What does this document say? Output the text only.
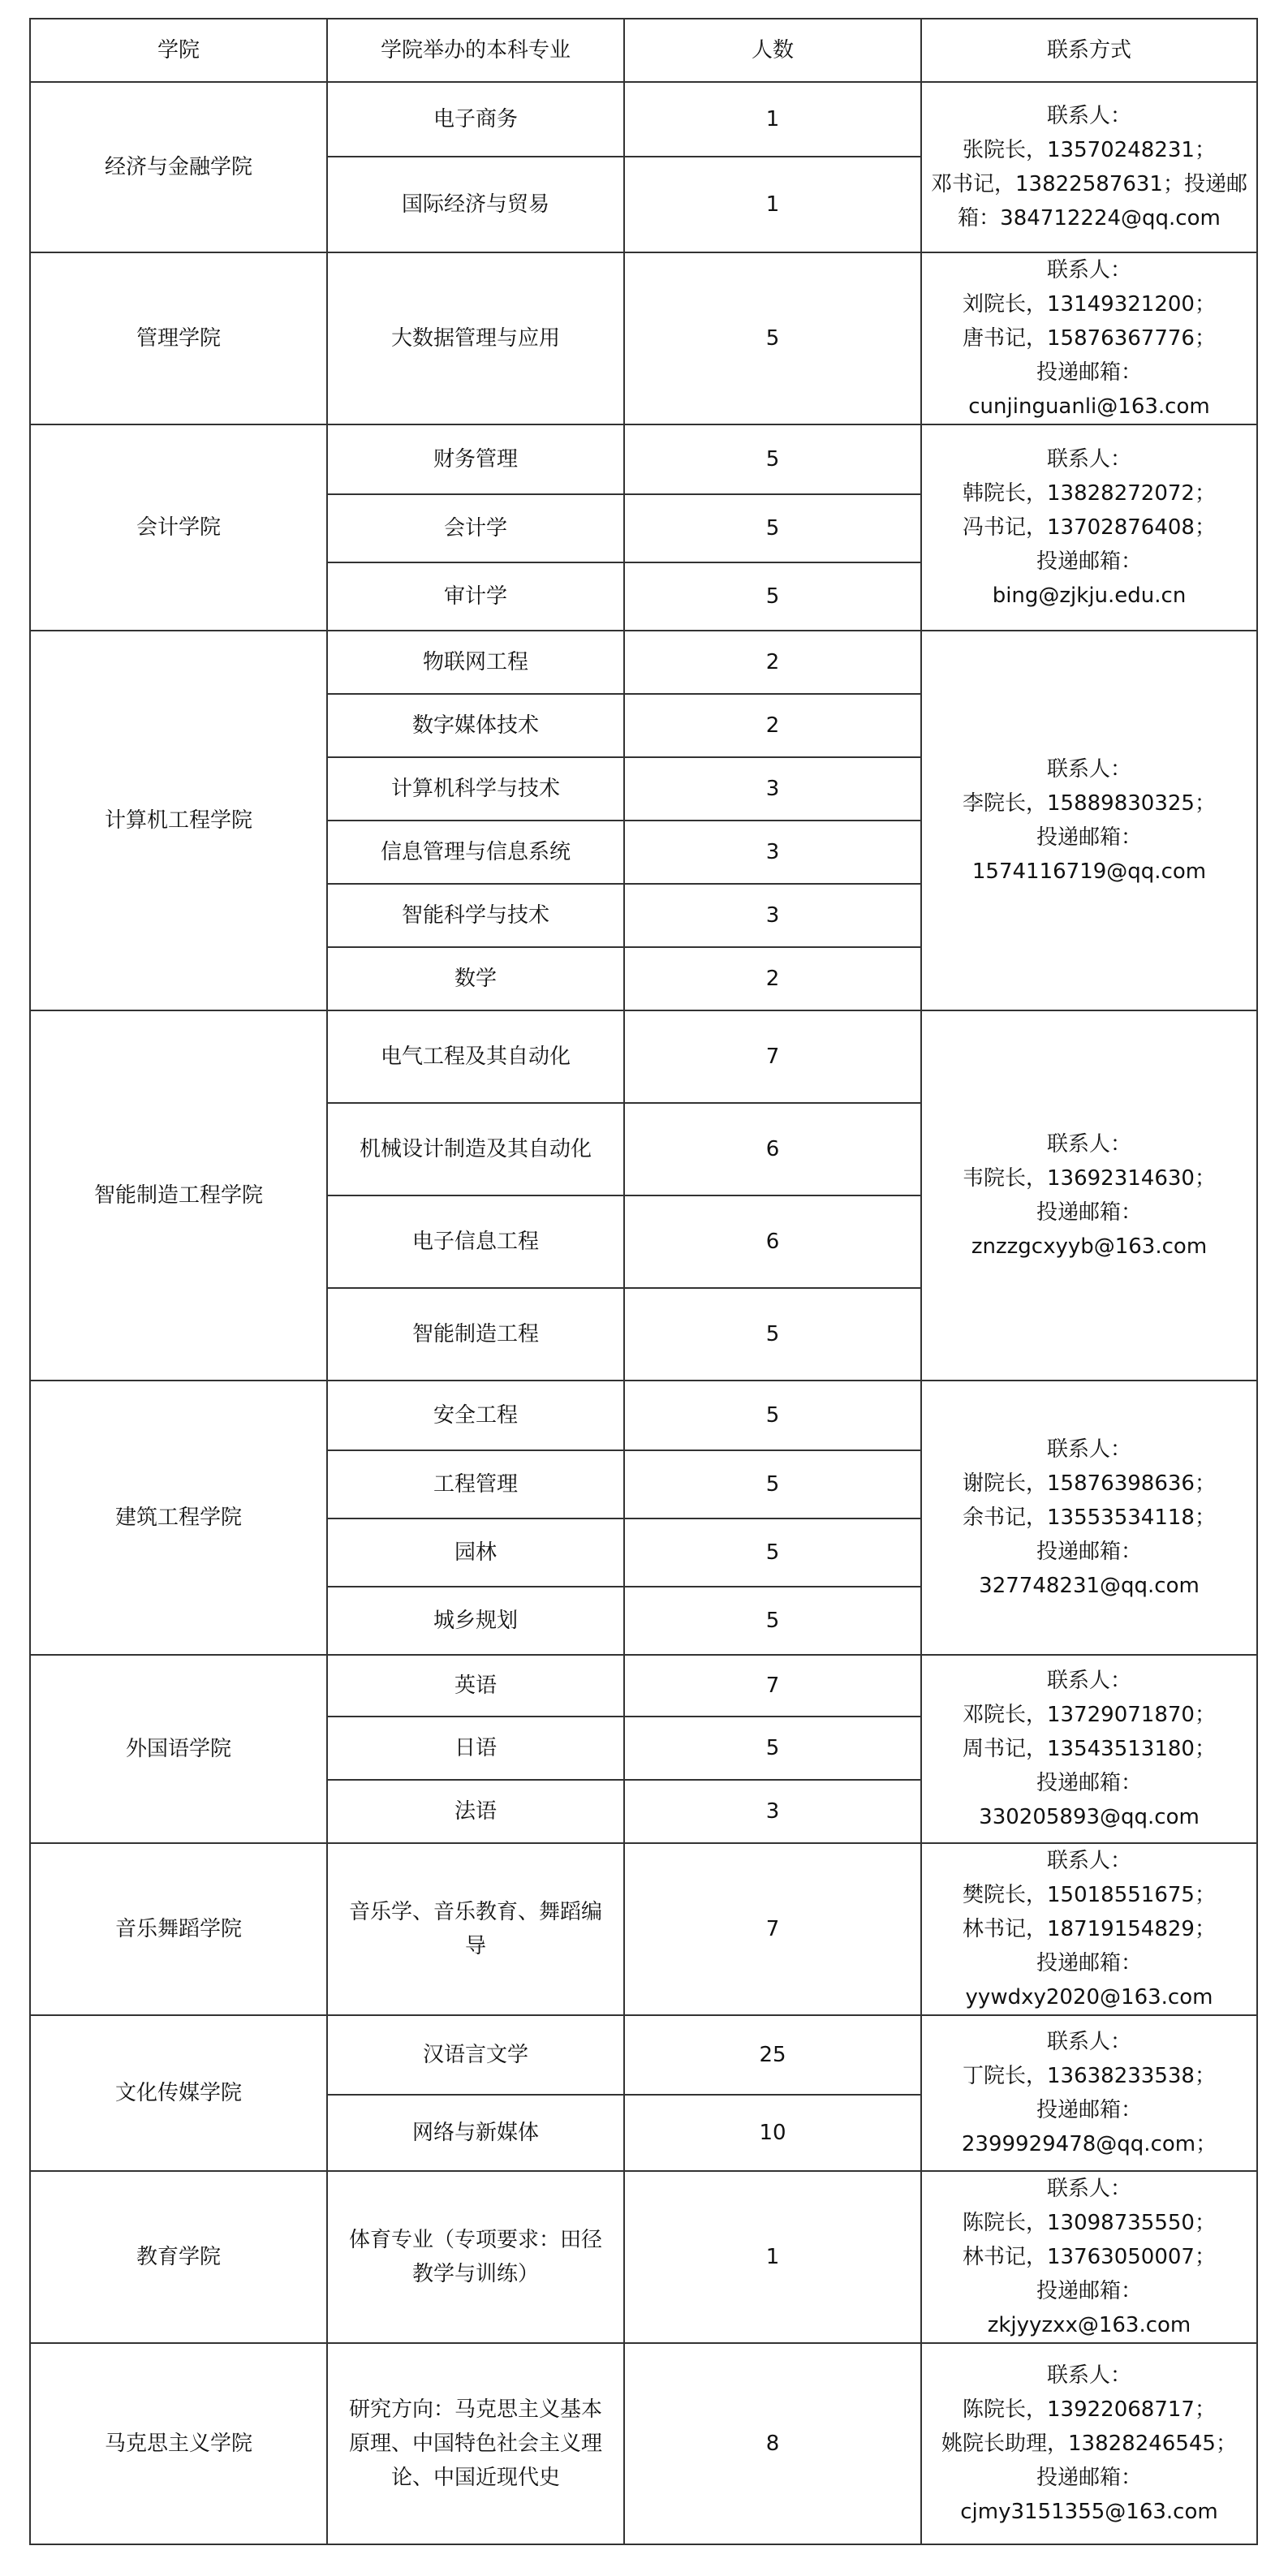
学院	学院举办的本科专业	人数	联系方式
经济与金融学院	电子商务	1	联系人：
张院长，13570248231；
邓书记，13822587631；投递邮
箱：384712224@qq.com

	国际经济与贸易	1	
管理学院	大数据管理与应用	5	联系人：
刘院长，13149321200；
唐书记，15876367776；
投递邮箱：
cunjinguanli@163.com

会计学院	财务管理	5	联系人：
韩院长，13828272072；
冯书记，13702876408；
投递邮箱：
bing@zjkju.edu.cn

	会计学	5	
	审计学	5	
计算机工程学院	物联网工程	2	联系人：
李院长，15889830325；
投递邮箱：
1574116719@qq.com

	数字媒体技术	2	
	计算机科学与技术	3	
	信息管理与信息系统	3	
	智能科学与技术	3	
	数学	2	
智能制造工程学院	电气工程及其自动化	7	联系人：
韦院长，13692314630；
投递邮箱：
znzzgcxyyb@163.com

	机械设计制造及其自动化	6	
	电子信息工程	6	
	智能制造工程	5	
建筑工程学院	安全工程	5	联系人：
谢院长，15876398636；
余书记，13553534118；
投递邮箱：
327748231@qq.com

	工程管理	5	
	园林	5	
	城乡规划	5	
外国语学院	英语	7	联系人：
邓院长，13729071870；
周书记，13543513180；
投递邮箱：
330205893@qq.com

	日语	5	
	法语	3	
音乐舞蹈学院	音乐学、音乐教育、舞蹈编导	7	联系人：
樊院长，15018551675；
林书记，18719154829；
投递邮箱：
yywdxy2020@163.com

文化传媒学院	汉语言文学	25	联系人：
丁院长，13638233538；
投递邮箱：
2399929478@qq.com；

	网络与新媒体	10	
教育学院	体育专业（专项要求：田径教学与训练）	1	联系人：
陈院长，13098735550；
林书记，13763050007；
投递邮箱：
zkjyyzxx@163.com

马克思主义学院	研究方向：马克思主义基本原理、中国特色社会主义理论、中国近现代史	8	联系人：
陈院长，13922068717；
姚院长助理，13828246545；
投递邮箱：
cjmy3151355@163.com
